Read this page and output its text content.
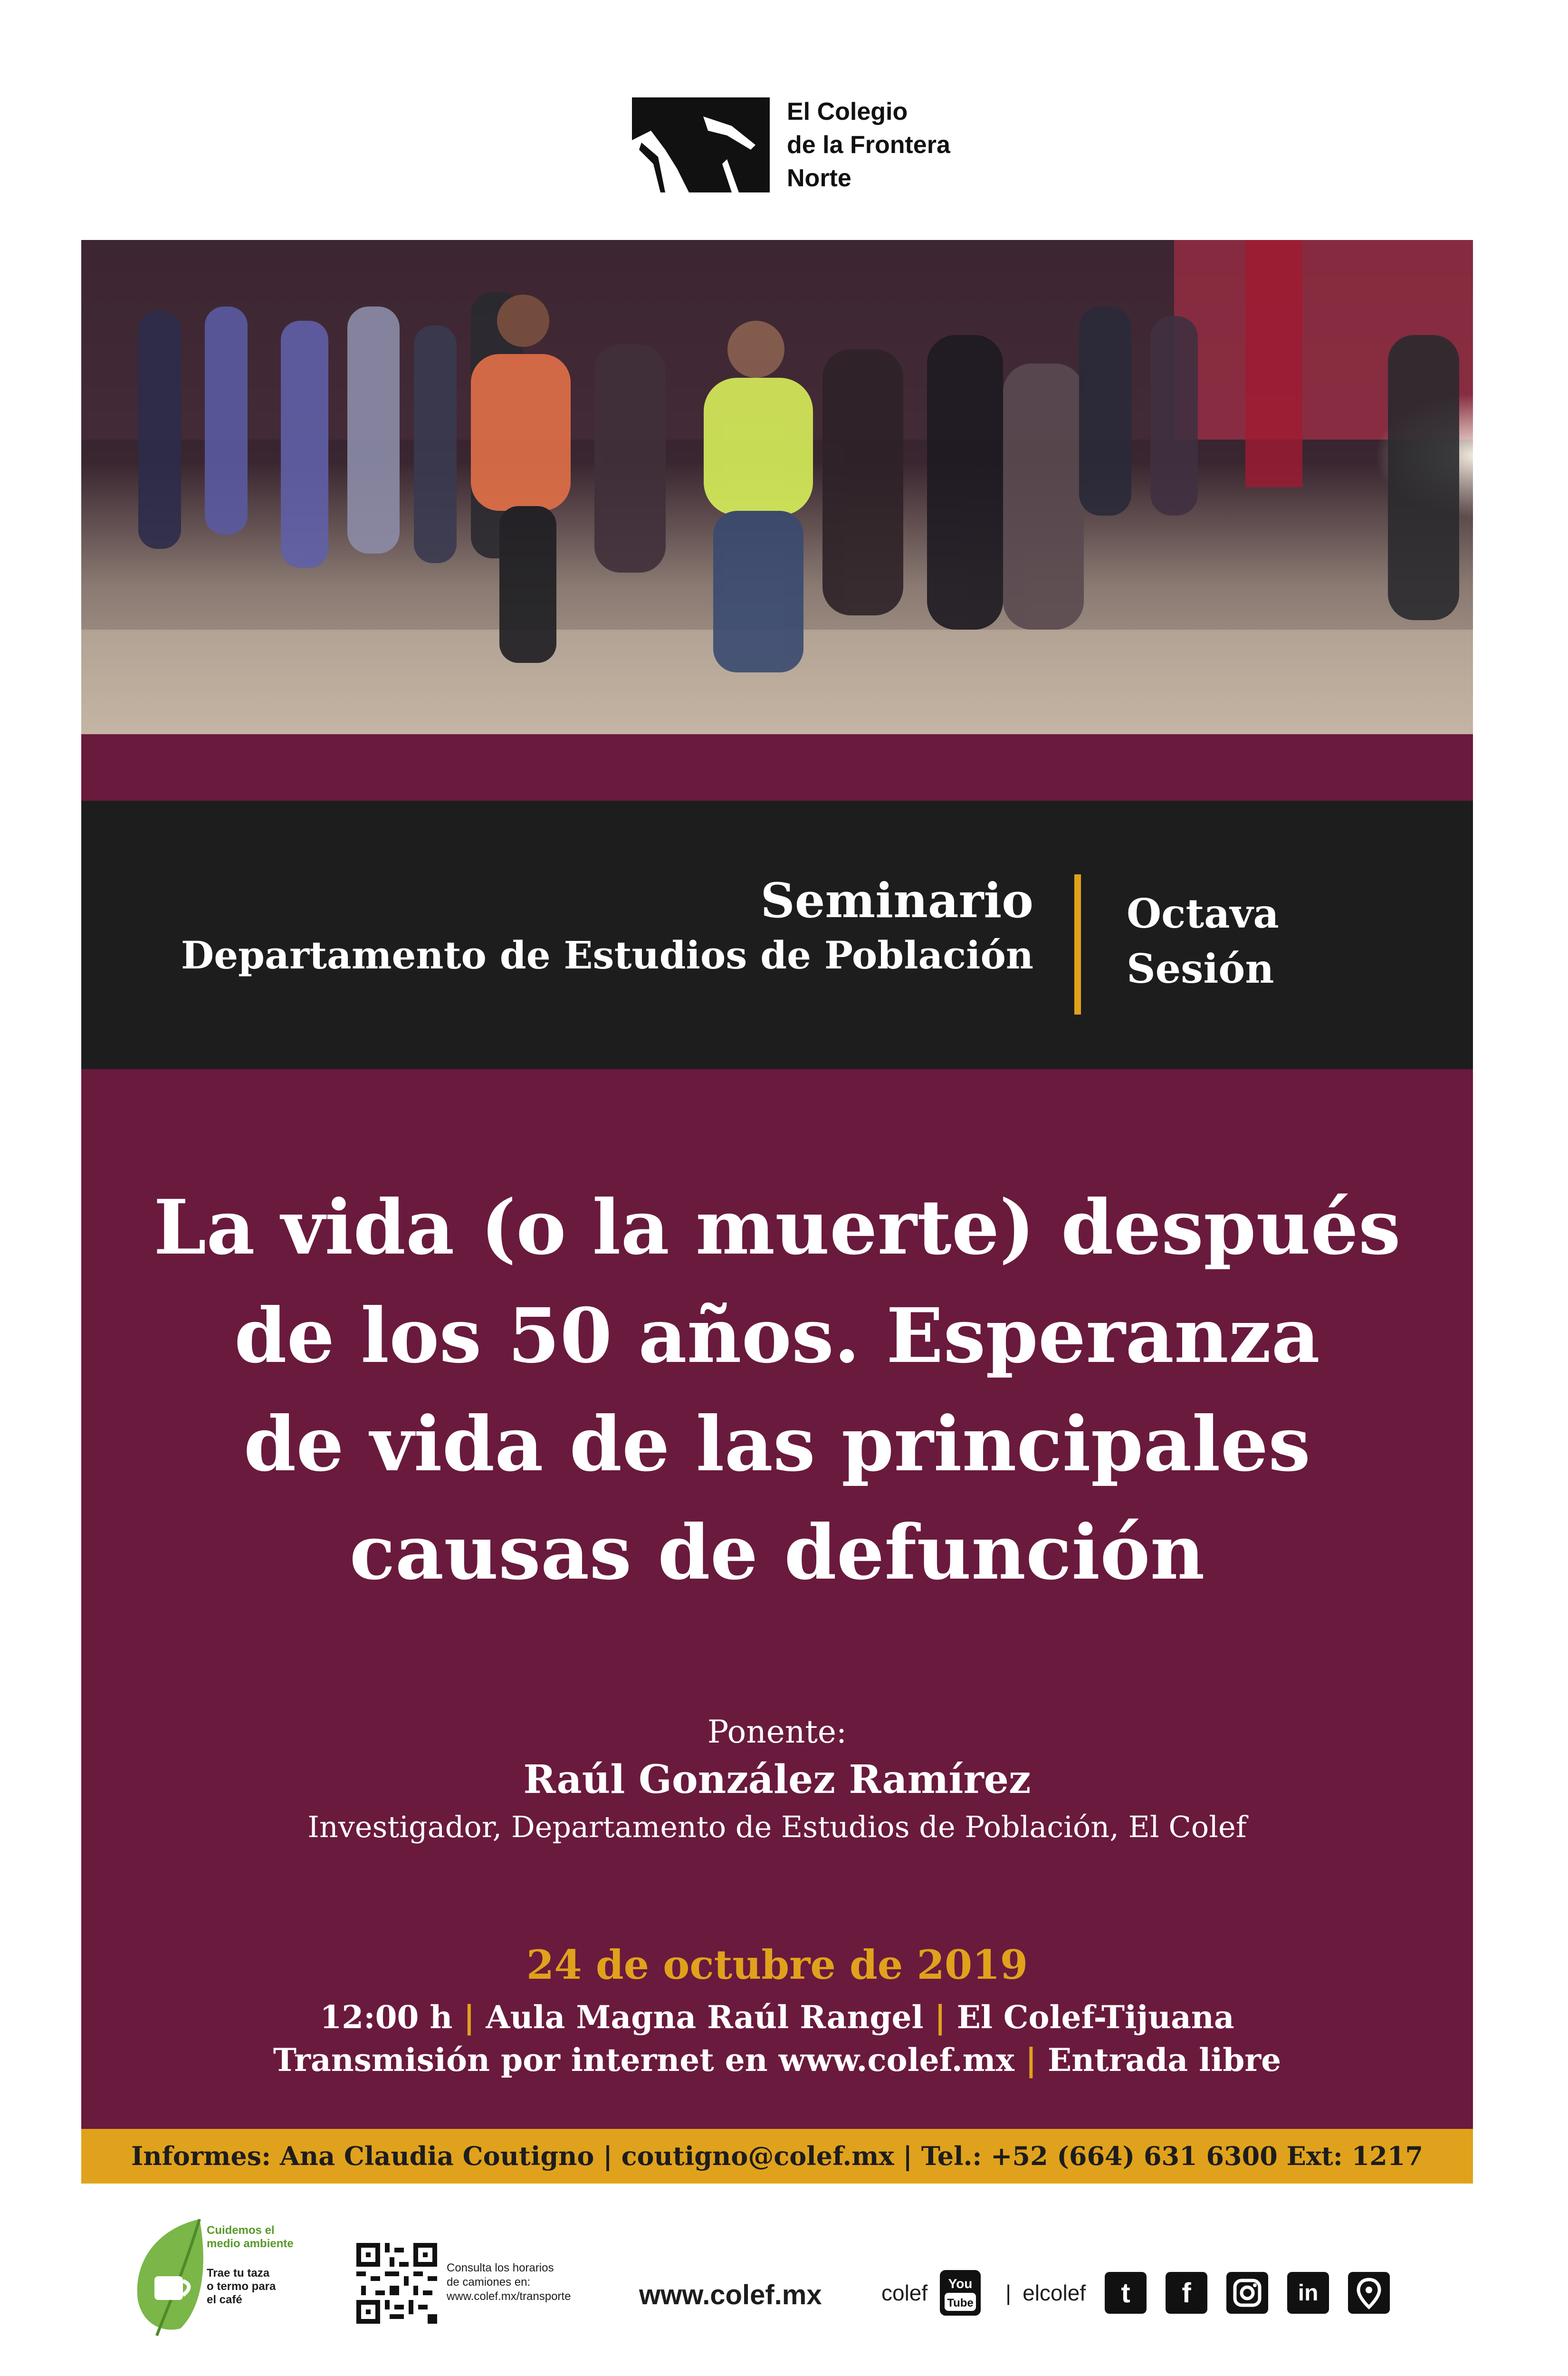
El Colegio
de la Frontera
Norte
Seminario
Departamento de Estudios de Población
Octava
Sesión
La vida (o la muerte) después
de los 50 años. Esperanza
de vida de las principales
causas de defunción
Ponente:
Raúl González Ramírez
Investigador, Departamento de Estudios de Población, El Colef
24 de octubre de 2019
12:00 h | Aula Magna Raúl Rangel | El Colef-Tijuana
Transmisión por internet en www.colef.mx | Entrada libre
Informes: Ana Claudia Coutigno | coutigno@colef.mx | Tel.: +52 (664) 631 6300 Ext: 1217
Cuidemos el
medio ambiente
Trae tu taza
o termo para
el café
Consulta los horarios
de camiones en:
www.colef.mx/transporte www.colef.mx	colef You
Tube | elcolef	t	f	in
